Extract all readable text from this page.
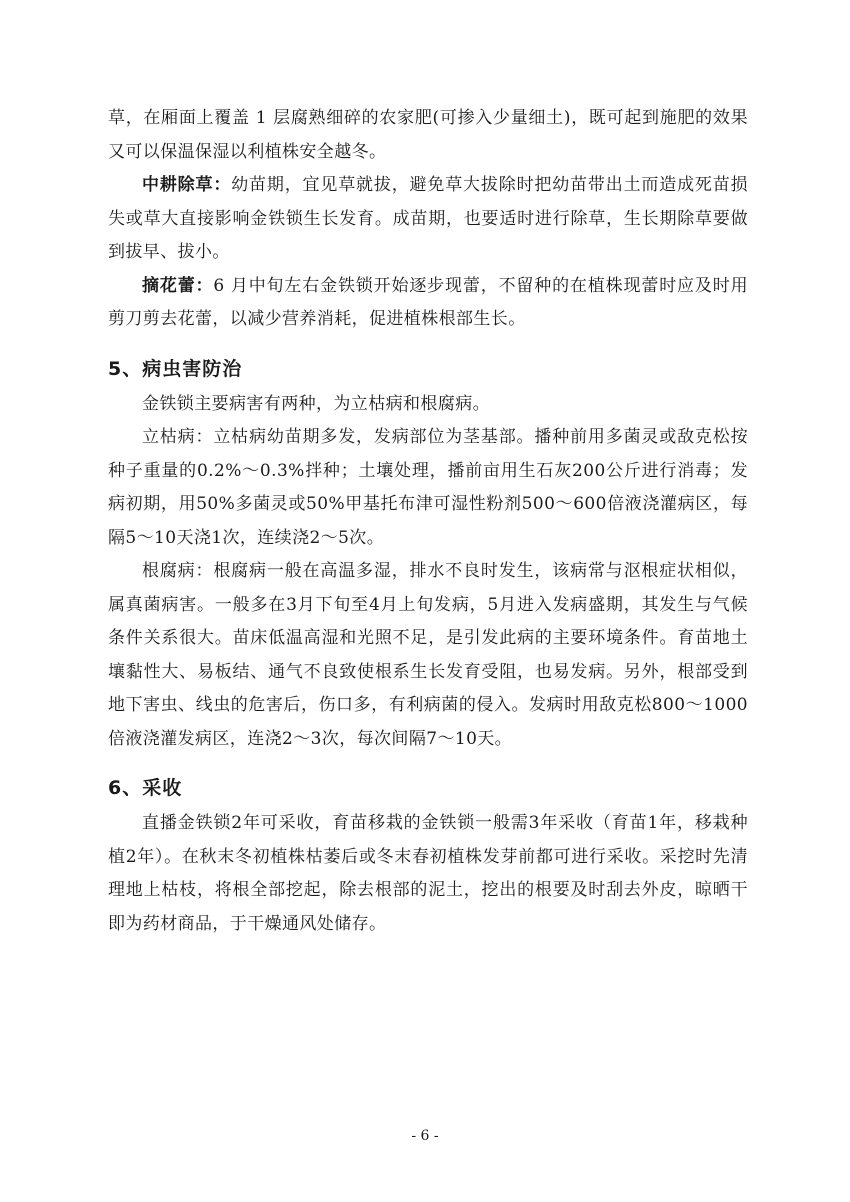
草，在厢面上覆盖 1 层腐熟细碎的农家肥(可掺入少量细土)，既可起到施肥的效果又可以保温保湿以利植株安全越冬。

中耕除草：幼苗期，宜见草就拔，避免草大拔除时把幼苗带出土而造成死苗损失或草大直接影响金铁锁生长发育。成苗期，也要适时进行除草，生长期除草要做到拔早、拔小。

摘花蕾：6 月中旬左右金铁锁开始逐步现蕾，不留种的在植株现蕾时应及时用剪刀剪去花蕾，以减少营养消耗，促进植株根部生长。

5、病虫害防治

金铁锁主要病害有两种，为立枯病和根腐病。

立枯病：立枯病幼苗期多发，发病部位为茎基部。播种前用多菌灵或敌克松按种子重量的0.2%～0.3%拌种；土壤处理，播前亩用生石灰200公斤进行消毒；发病初期，用50%多菌灵或50%甲基托布津可湿性粉剂500～600倍液浇灌病区，每隔5～10天浇1次，连续浇2～5次。

根腐病：根腐病一般在高温多湿，排水不良时发生，该病常与沤根症状相似，属真菌病害。一般多在3月下旬至4月上旬发病，5月进入发病盛期，其发生与气候条件关系很大。苗床低温高湿和光照不足，是引发此病的主要环境条件。育苗地土壤黏性大、易板结、通气不良致使根系生长发育受阻，也易发病。另外，根部受到地下害虫、线虫的危害后，伤口多，有利病菌的侵入。发病时用敌克松800～1000 倍液浇灌发病区，连浇2～3次，每次间隔7～10天。

6、采收

直播金铁锁2年可采收，育苗移栽的金铁锁一般需3年采收（育苗1年，移栽种植2年）。在秋末冬初植株枯萎后或冬末春初植株发芽前都可进行采收。采挖时先清理地上枯枝，将根全部挖起，除去根部的泥土，挖出的根要及时刮去外皮，晾晒干即为药材商品，于干燥通风处储存。

- 6 -
